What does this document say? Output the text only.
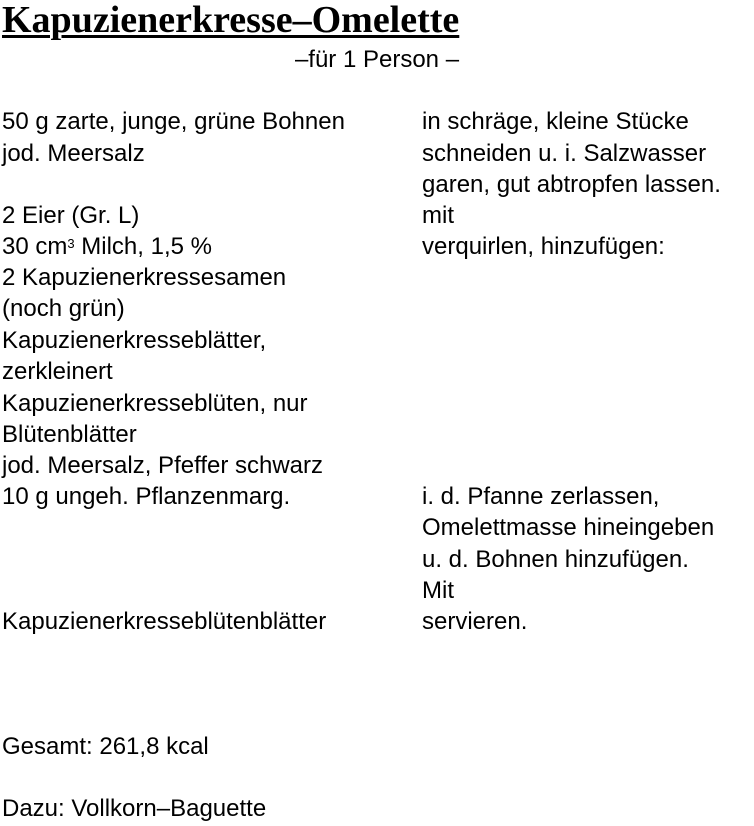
Kapuzienerkresse–Omelette
–für 1 Person –
50 g zarte, junge, grüne Bohnen
jod. Meersalz
2 Eier (Gr. L)
30 $cm^3$ Milch, 1,5 %
2 Kapuzienerkressesamen
(noch grün)
Kapuzienerkresseblätter,
zerkleinert
Kapuzienerkresseblüten, nur
Blütenblätter
jod. Meersalz, Pfeffer schwarz
10 g ungeh. Pflanzenmarg.
Kapuzienerkresseblütenblätter
in schräge, kleine Stücke
schneiden u. i. Salzwasser
garen, gut abtropfen lassen.
mit
verquirlen, hinzufügen:
i. d. Pfanne zerlassen,
Omelettmasse hineingeben
u. d. Bohnen hinzufügen.
Mit
servieren.
Gesamt: 261,8 kcal
Dazu: Vollkorn–Baguette
